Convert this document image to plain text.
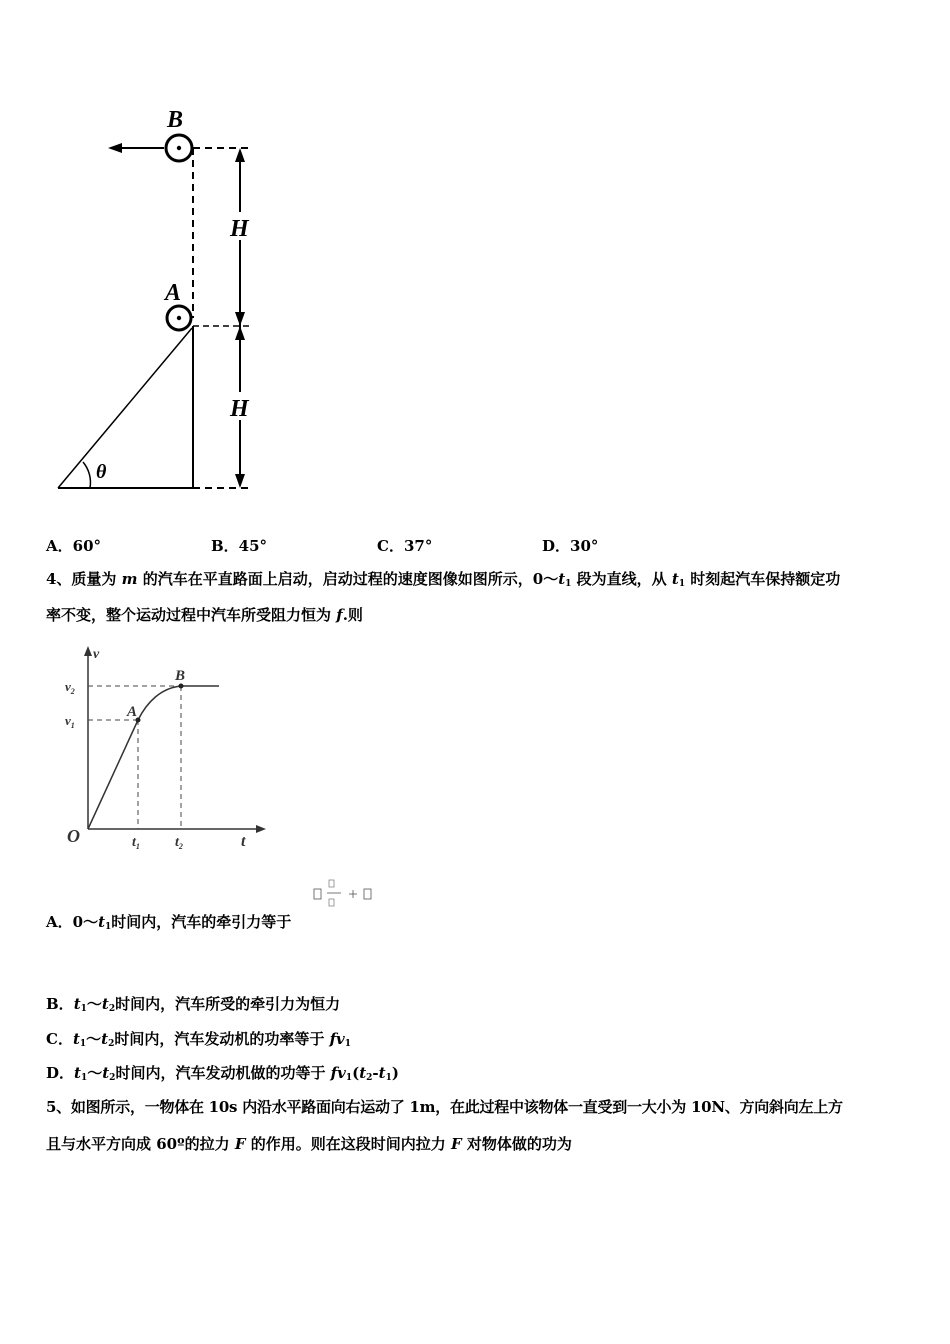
B
A
H
H
θ
A．60°	B．45°	C．37°	D．30°
4、质量为 m 的汽车在平直路面上启动，启动过程的速度图像如图所示，$0\sim t_1$ 段为直线，从 $t_1$ 时刻起汽车保持额定功
率不变，整个运动过程中汽车所受阻力恒为 f.则
v
t
O
$v_2$
$v_1$
$t_1$	$t_2$
A
B
A．$0\sim t_1$时间内，汽车的牵引力等于
B．$t_1\sim t_2$时间内，汽车所受的牵引力为恒力
C．$t_1\sim t_2$时间内，汽车发动机的功率等于 $fv_1$
D．$t_1\sim t_2$时间内，汽车发动机做的功等于 $fv_1(t_2-t_1)$
5、如图所示，一物体在 10s 内沿水平路面向右运动了 1m，在此过程中该物体一直受到一大小为 10N、方向斜向左上方
且与水平方向成 60º的拉力 F 的作用。则在这段时间内拉力 F 对物体做的功为
